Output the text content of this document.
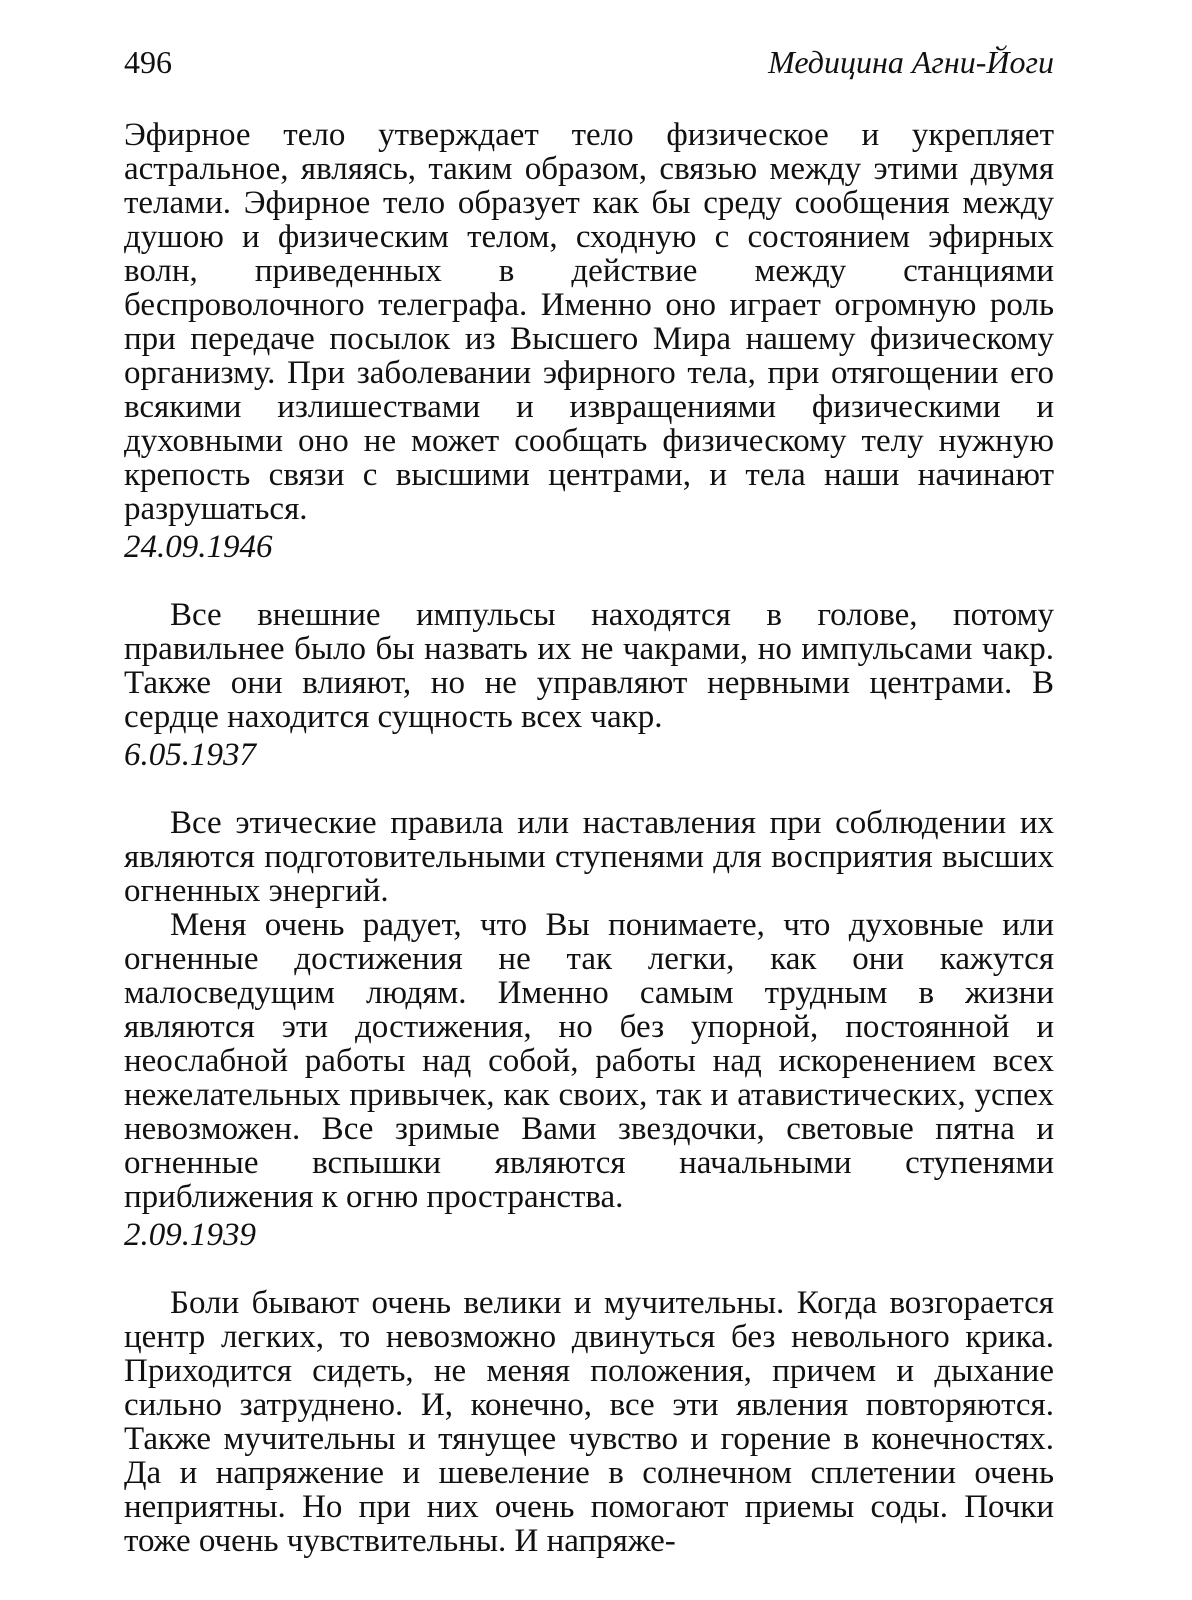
496	Медицина Агни-Йоги

Эфирное тело утверждает тело физическое и укрепляет астральное, являясь, таким образом, связью между этими двумя телами. Эфирное тело образует как бы среду сообщения между душою и физическим телом, сходную с состоянием эфирных волн, приведенных в действие между станциями беспроволочного телеграфа. Именно оно играет огромную роль при передаче посылок из Высшего Мира нашему физическому организму. При заболевании эфирного тела, при отягощении его всякими излишествами и извращениями физическими и духовными оно не может сообщать физическому телу нужную крепость связи с высшими центрами, и тела наши начинают разрушаться.

24.09.1946

Все внешние импульсы находятся в голове, потому правильнее было бы назвать их не чакрами, но импульсами чакр. Также они влияют, но не управляют нервными центрами. В сердце находится сущность всех чакр.

6.05.1937

Все этические правила или наставления при соблюдении их являются подготовительными ступенями для восприятия высших огненных энергий.

Меня очень радует, что Вы понимаете, что духовные или огненные достижения не так легки, как они кажутся малосведущим людям. Именно самым трудным в жизни являются эти достижения, но без упорной, постоянной и неослабной работы над собой, работы над искоренением всех нежелательных привычек, как своих, так и атавистических, успех невозможен. Все зримые Вами звездочки, световые пятна и огненные вспышки являются начальными ступенями приближения к огню пространства.

2.09.1939

Боли бывают очень велики и мучительны. Когда возгорается центр легких, то невозможно двинуться без невольного крика. Приходится сидеть, не меняя положения, причем и дыхание сильно затруднено. И, конечно, все эти явления повторяются. Также мучительны и тянущее чувство и горение в конечностях. Да и напряжение и шевеление в солнечном сплетении очень неприятны. Но при них очень помогают приемы соды. Почки тоже очень чувствительны. И напряже-
